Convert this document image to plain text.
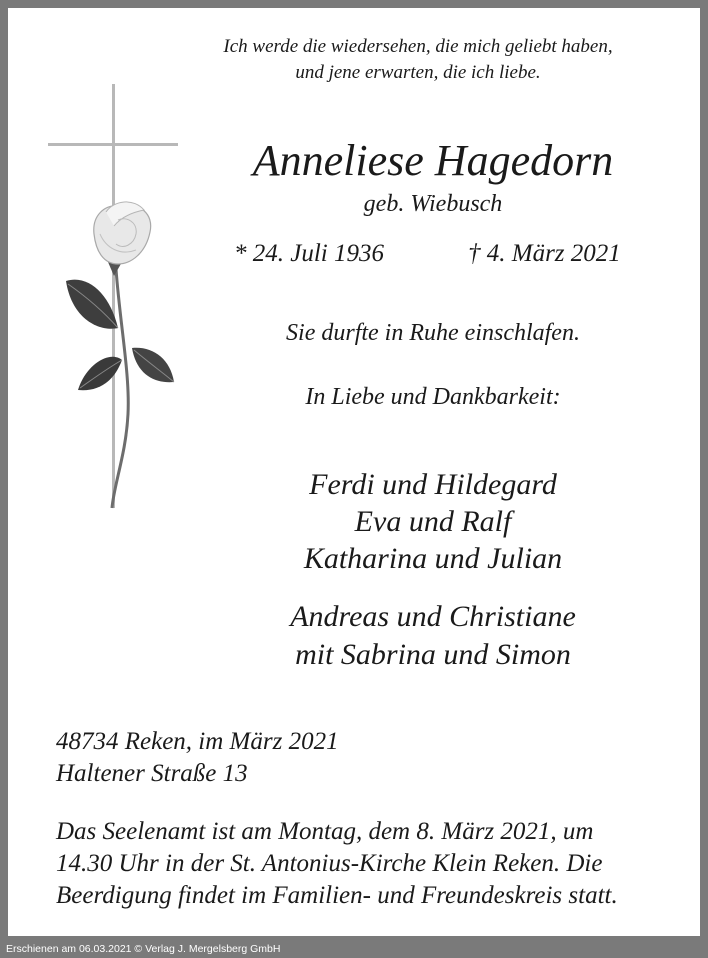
Ich werde die wiedersehen, die mich geliebt haben,
und jene erwarten, die ich liebe.
Anneliese Hagedorn
geb. Wiebusch
* 24. Juli 1936	† 4. März 2021
Sie durfte in Ruhe einschlafen.
In Liebe und Dankbarkeit:
Ferdi und Hildegard
Eva und Ralf
Katharina und Julian
Andreas und Christiane
mit Sabrina und Simon
48734 Reken, im März 2021
Haltener Straße 13
Das Seelenamt ist am Montag, dem 8. März 2021, um
14.30 Uhr in der St. Antonius-Kirche Klein Reken. Die
Beerdigung findet im Familien- und Freundeskreis statt.
Erschienen am 06.03.2021 © Verlag J. Mergelsberg GmbH
